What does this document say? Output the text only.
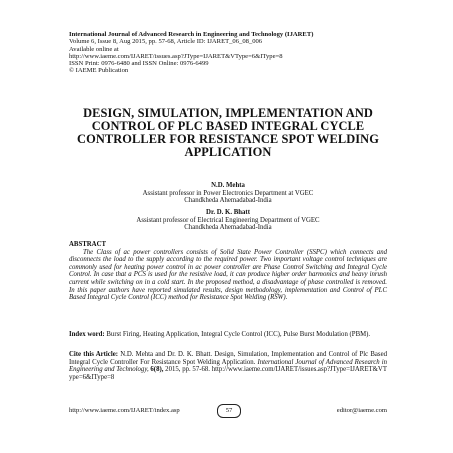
International Journal of Advanced Research in Engineering and Technology (IJARET)
Volume 6, Issue 8, Aug 2015, pp. 57-68, Article ID: IJARET_06_08_006
Available online at
http://www.iaeme.com/IJARET/issues.asp?JType=IJARET&VType=6&IType=8
ISSN Print: 0976-6480 and ISSN Online: 0976-6499
© IAEME Publication
DESIGN, SIMULATION, IMPLEMENTATION AND CONTROL OF PLC BASED INTEGRAL CYCLE CONTROLLER FOR RESISTANCE SPOT WELDING APPLICATION
N.D. Mehta
Assistant professor in Power Electronics Department at VGEC
Chandkheda Ahemadabad-India
Dr. D. K. Bhatt
Assistant professor of Electrical Engineering Department of VGEC
Chandkheda Ahemadabad-India
ABSTRACT
The Class of ac power controllers consists of Solid State Power Controller (SSPC) which connects and disconnects the load to the supply according to the required power. Two important voltage control techniques are commonly used for heating power control in ac power controller are Phase Control Switching and Integral Cycle Control. In case that a PCS is used for the resistive load, it can produce higher order harmonics and heavy inrush current while switching on in a cold start. In the proposed method, a disadvantage of phase controlled is removed. In this paper authors have reported simulated results, design methodology, implementation and Control of PLC Based Integral Cycle Control (ICC) method for Resistance Spot Welding (RSW).
Index word: Burst Firing, Heating Application, Integral Cycle Control (ICC), Pulse Burst Modulation (PBM).
Cite this Article: N.D. Mehta and Dr. D. K. Bhatt. Design, Simulation, Implementation and Control of Plc Based Integral Cycle Controller For Resistance Spot Welding Application. International Journal of Advanced Research in Engineering and Technology, 6(8), 2015, pp. 57-68. http://www.iaeme.com/IJARET/issues.asp?JType=IJARET&VType=6&IType=8
http://www.iaeme.com/IJARET/index.asp	57	editor@iaeme.com
